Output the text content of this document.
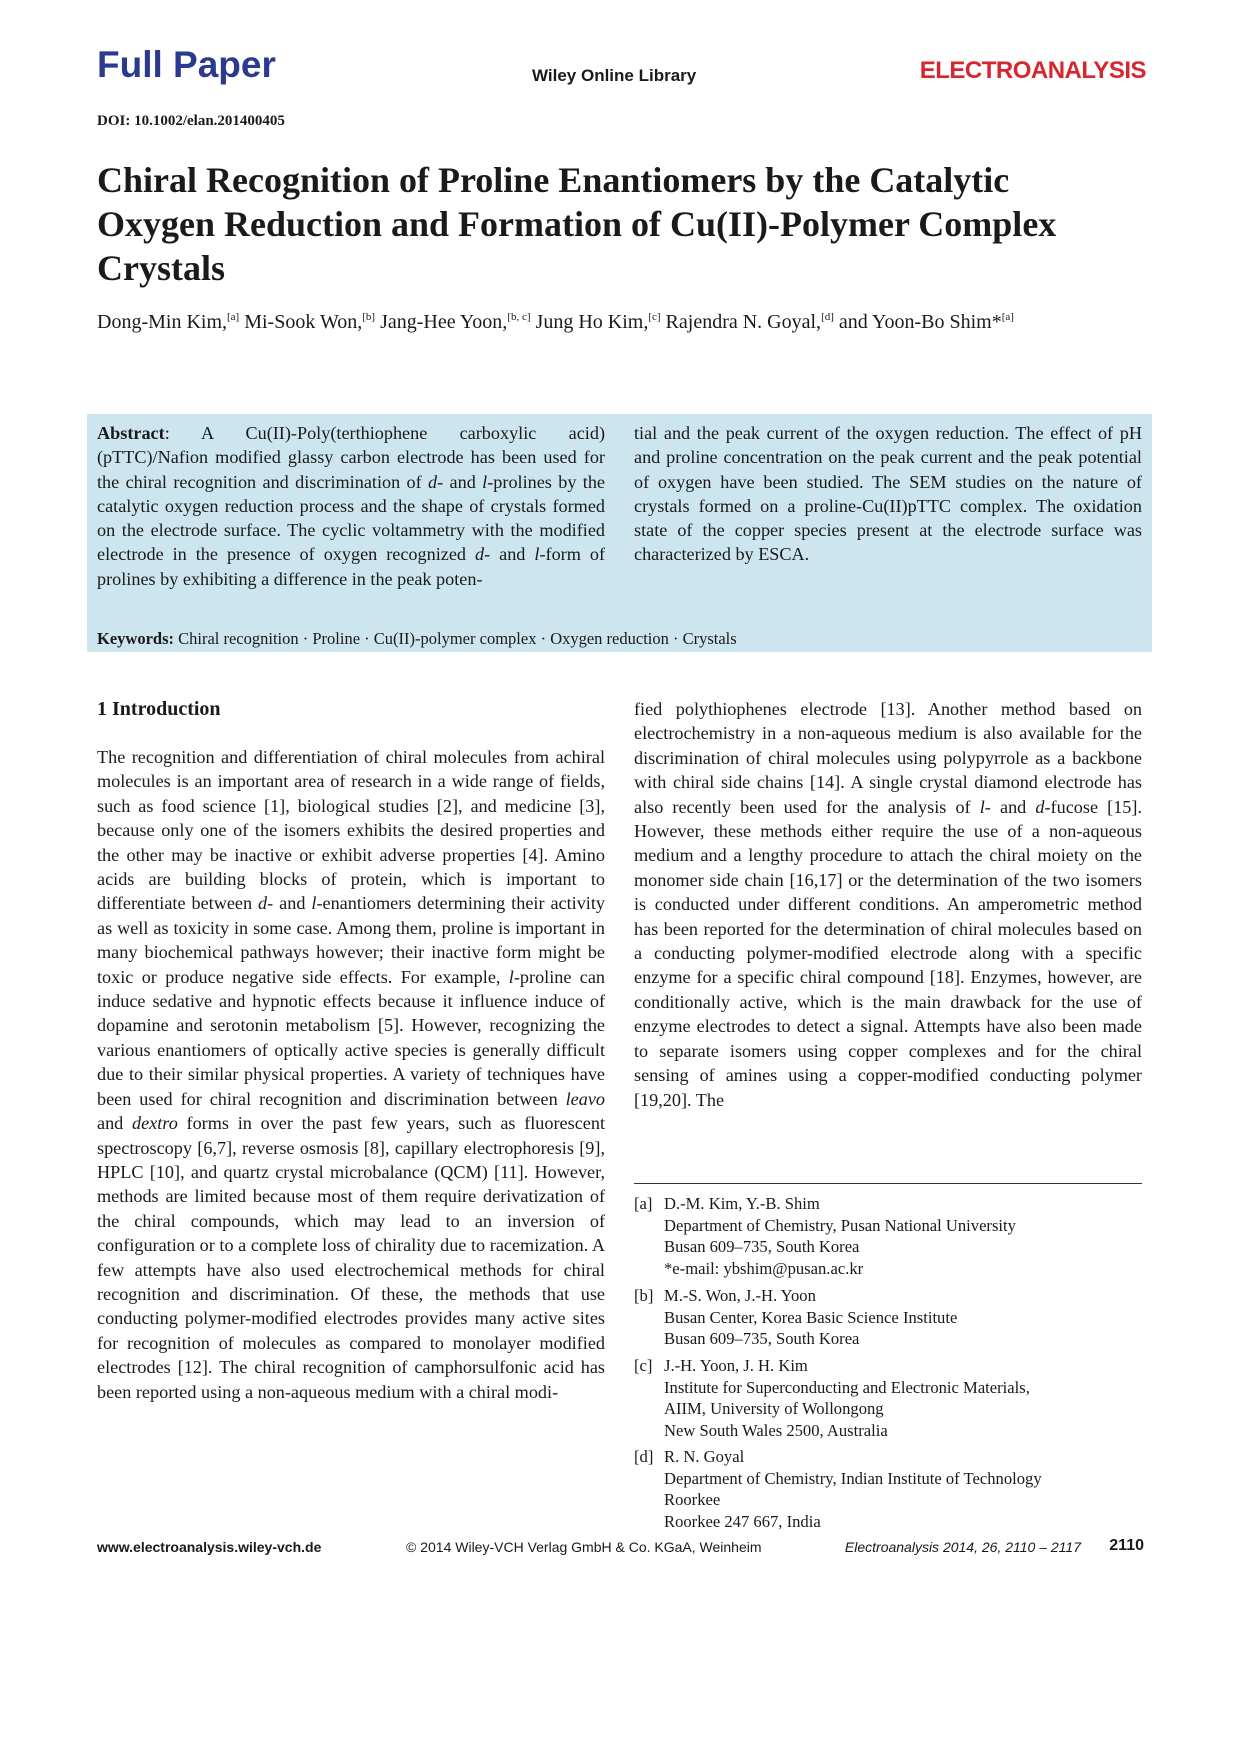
Full Paper	Wiley Online Library	ELECTROANALYSIS
DOI: 10.1002/elan.201400405
Chiral Recognition of Proline Enantiomers by the Catalytic Oxygen Reduction and Formation of Cu(II)-Polymer Complex Crystals
Dong-Min Kim,[a] Mi-Sook Won,[b] Jang-Hee Yoon,[b, c] Jung Ho Kim,[c] Rajendra N. Goyal,[d] and Yoon-Bo Shim*[a]
Abstract: A Cu(II)-Poly(terthiophene carboxylic acid) (pTTC)/Nafion modified glassy carbon electrode has been used for the chiral recognition and discrimination of d- and l-prolines by the catalytic oxygen reduction process and the shape of crystals formed on the electrode surface. The cyclic voltammetry with the modified electrode in the presence of oxygen recognized d- and l-form of prolines by exhibiting a difference in the peak poten-
tial and the peak current of the oxygen reduction. The effect of pH and proline concentration on the peak current and the peak potential of oxygen have been studied. The SEM studies on the nature of crystals formed on a proline-Cu(II)pTTC complex. The oxidation state of the copper species present at the electrode surface was characterized by ESCA.
Keywords: Chiral recognition · Proline · Cu(II)-polymer complex · Oxygen reduction · Crystals
1 Introduction
The recognition and differentiation of chiral molecules from achiral molecules is an important area of research in a wide range of fields, such as food science [1], biological studies [2], and medicine [3], because only one of the isomers exhibits the desired properties and the other may be inactive or exhibit adverse properties [4]. Amino acids are building blocks of protein, which is important to differentiate between d- and l-enantiomers determining their activity as well as toxicity in some case. Among them, proline is important in many biochemical pathways however; their inactive form might be toxic or produce negative side effects. For example, l-proline can induce sedative and hypnotic effects because it influence induce of dopamine and serotonin metabolism [5]. However, recognizing the various enantiomers of optically active species is generally difficult due to their similar physical properties. A variety of techniques have been used for chiral recognition and discrimination between leavo and dextro forms in over the past few years, such as fluorescent spectroscopy [6,7], reverse osmosis [8], capillary electrophoresis [9], HPLC [10], and quartz crystal microbalance (QCM) [11]. However, methods are limited because most of them require derivatization of the chiral compounds, which may lead to an inversion of configuration or to a complete loss of chirality due to racemization. A few attempts have also used electrochemical methods for chiral recognition and discrimination. Of these, the methods that use conducting polymer-modified electrodes provides many active sites for recognition of molecules as compared to monolayer modified electrodes [12]. The chiral recognition of camphorsulfonic acid has been reported using a non-aqueous medium with a chiral modi-
fied polythiophenes electrode [13]. Another method based on electrochemistry in a non-aqueous medium is also available for the discrimination of chiral molecules using polypyrrole as a backbone with chiral side chains [14]. A single crystal diamond electrode has also recently been used for the analysis of l- and d-fucose [15]. However, these methods either require the use of a non-aqueous medium and a lengthy procedure to attach the chiral moiety on the monomer side chain [16,17] or the determination of the two isomers is conducted under different conditions. An amperometric method has been reported for the determination of chiral molecules based on a conducting polymer-modified electrode along with a specific enzyme for a specific chiral compound [18]. Enzymes, however, are conditionally active, which is the main drawback for the use of enzyme electrodes to detect a signal. Attempts have also been made to separate isomers using copper complexes and for the chiral sensing of amines using a copper-modified conducting polymer [19,20]. The
[a] D.-M. Kim, Y.-B. Shim
Department of Chemistry, Pusan National University
Busan 609–735, South Korea
*e-mail: ybshim@pusan.ac.kr
[b] M.-S. Won, J.-H. Yoon
Busan Center, Korea Basic Science Institute
Busan 609–735, South Korea
[c] J.-H. Yoon, J. H. Kim
Institute for Superconducting and Electronic Materials,
AIIM, University of Wollongong
New South Wales 2500, Australia
[d] R. N. Goyal
Department of Chemistry, Indian Institute of Technology
Roorkee
Roorkee 247 667, India
www.electroanalysis.wiley-vch.de	© 2014 Wiley-VCH Verlag GmbH & Co. KGaA, Weinheim	Electroanalysis 2014, 26, 2110 – 2117 2110
